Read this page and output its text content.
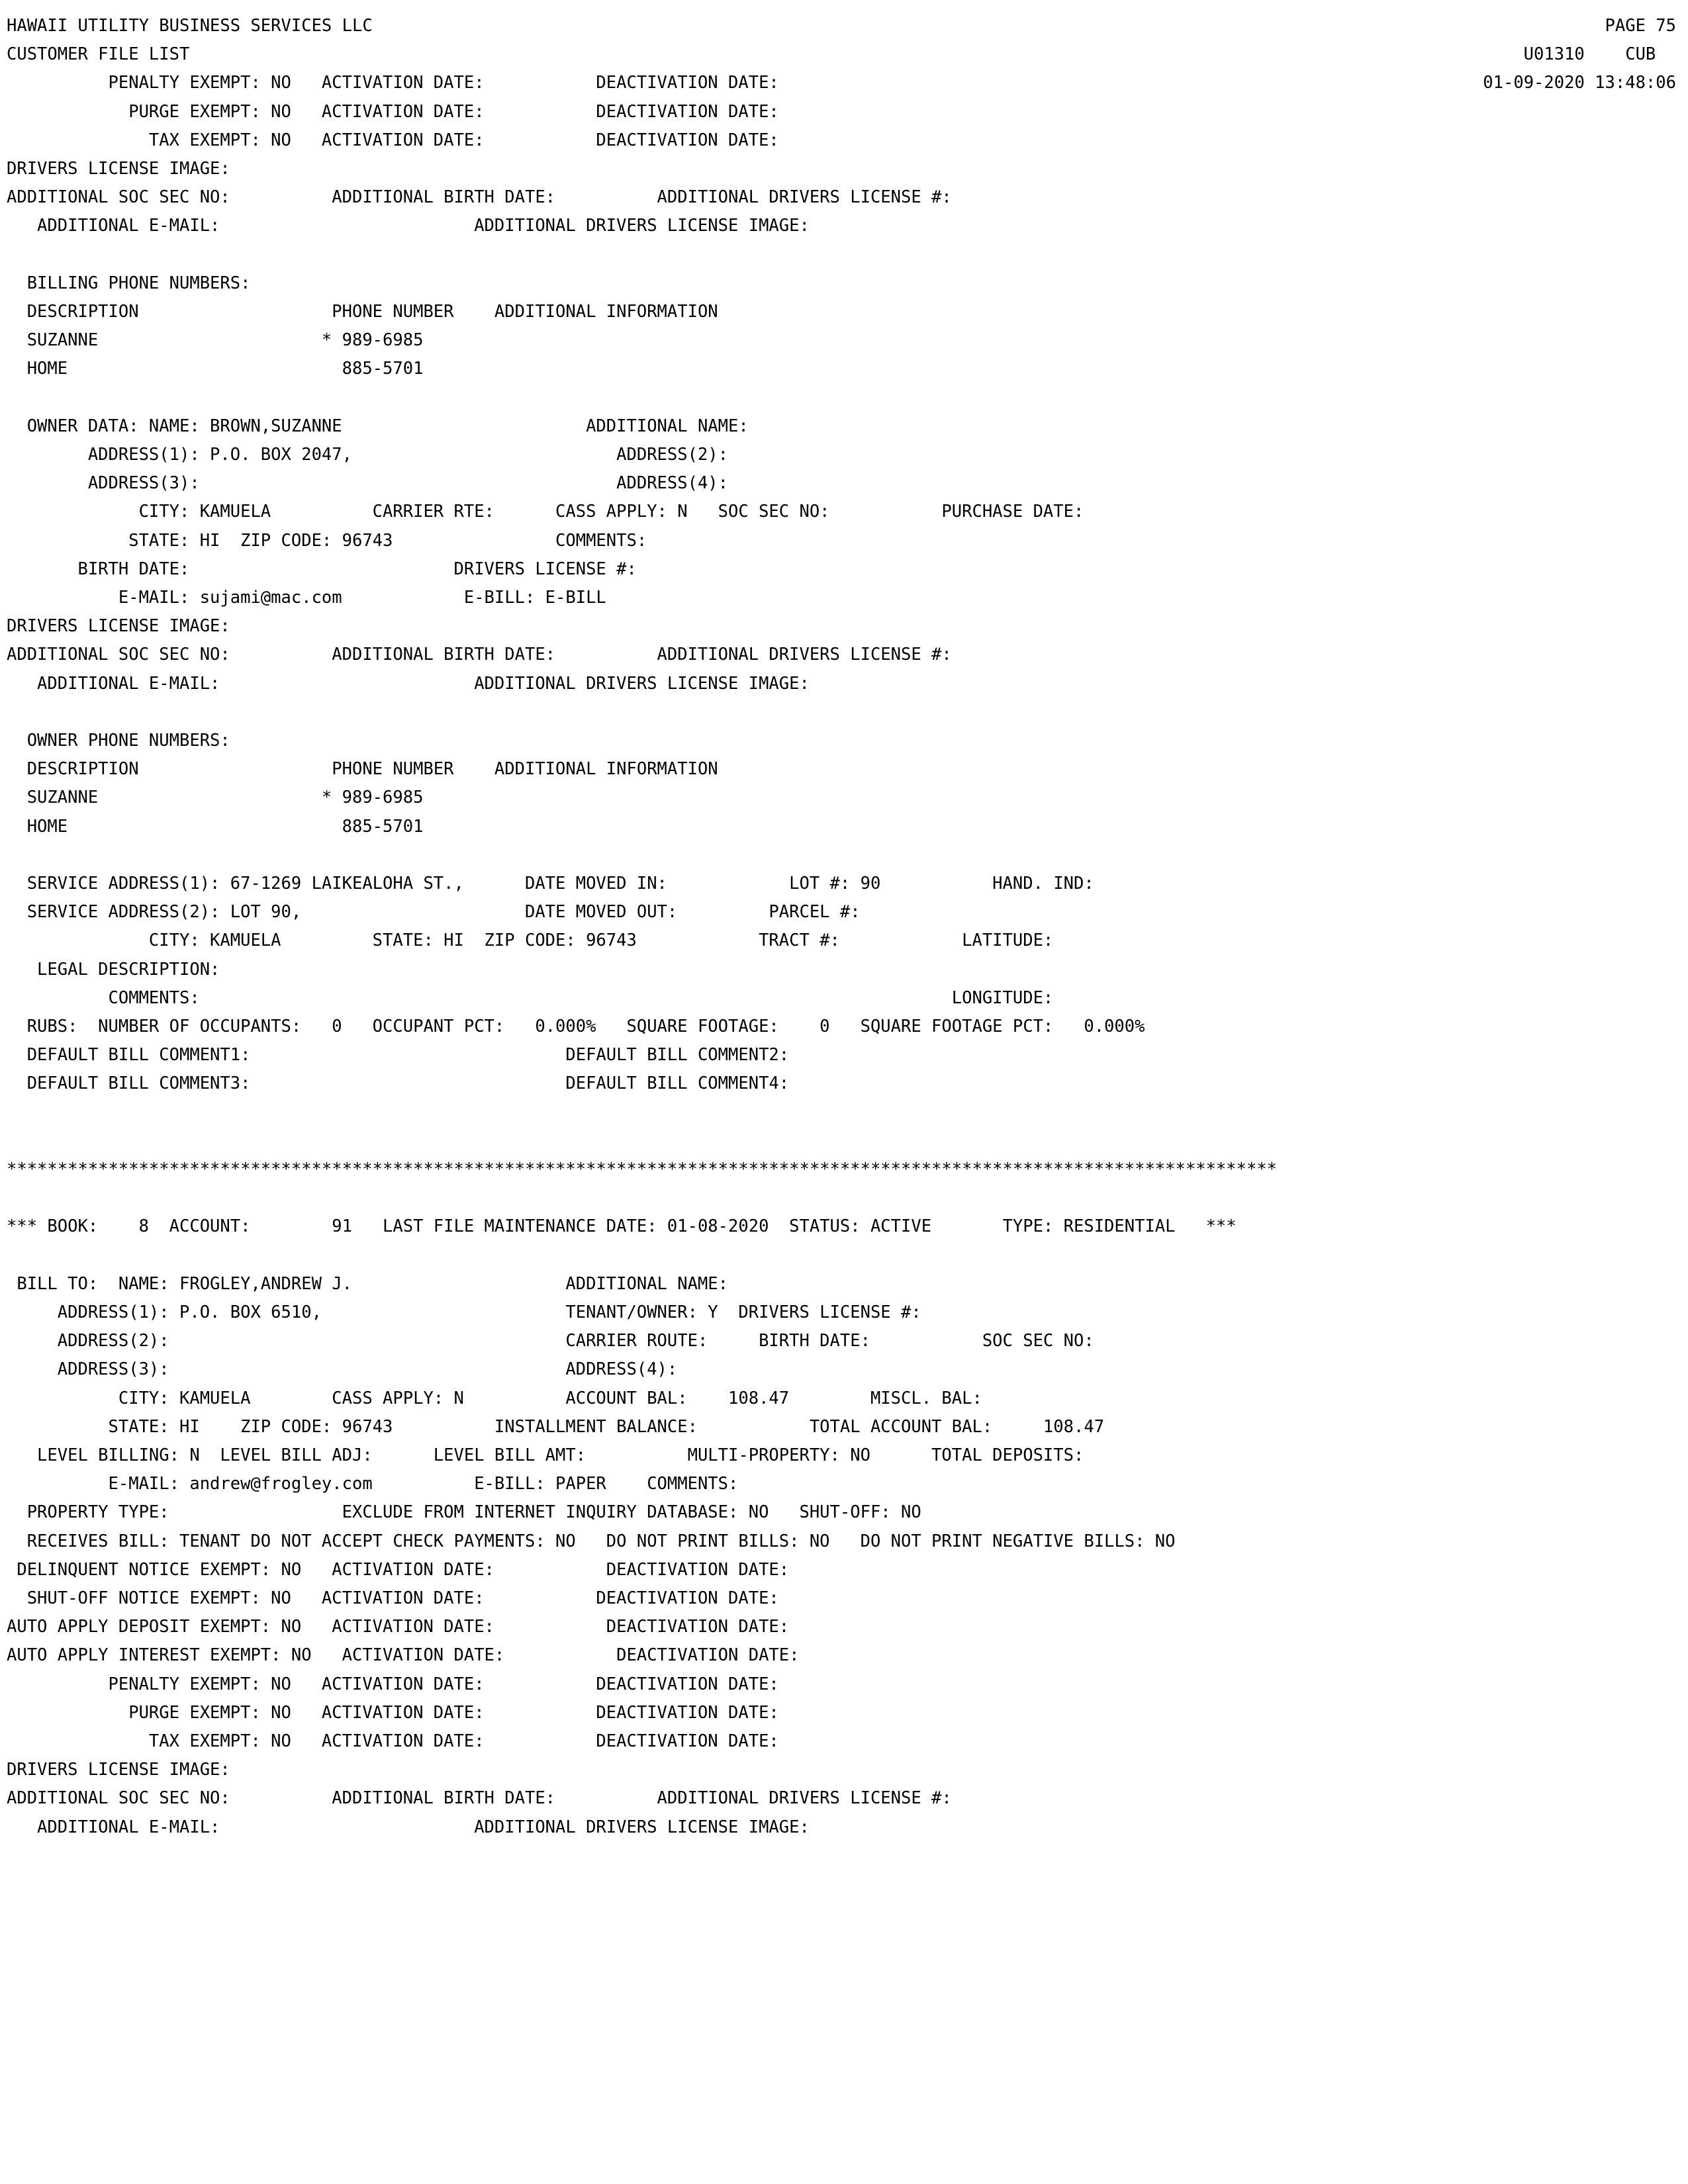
HAWAII UTILITY BUSINESS SERVICES LLC
CUSTOMER FILE LIST
PAGE 75
U01310 CUB
01-09-2020 13:48:06
PENALTY EXEMPT: NO   ACTIVATION DATE:           DEACTIVATION DATE:
PURGE EXEMPT: NO   ACTIVATION DATE:           DEACTIVATION DATE:
TAX EXEMPT: NO   ACTIVATION DATE:           DEACTIVATION DATE:
DRIVERS LICENSE IMAGE:
ADDITIONAL SOC SEC NO:          ADDITIONAL BIRTH DATE:          ADDITIONAL DRIVERS LICENSE #:
ADDITIONAL E-MAIL:                         ADDITIONAL DRIVERS LICENSE IMAGE:

BILLING PHONE NUMBERS:
DESCRIPTION                   PHONE NUMBER    ADDITIONAL INFORMATION
SUZANNE                      * 989-6985
HOME                           885-5701

OWNER DATA: NAME: BROWN,SUZANNE                        ADDITIONAL NAME:
ADDRESS(1): P.O. BOX 2047,                          ADDRESS(2):
ADDRESS(3):                                         ADDRESS(4):
CITY: KAMUELA          CARRIER RTE:      CASS APPLY: N   SOC SEC NO:           PURCHASE DATE:
STATE: HI  ZIP CODE: 96743                COMMENTS:
BIRTH DATE:                          DRIVERS LICENSE #:
E-MAIL: sujami@mac.com            E-BILL: E-BILL
DRIVERS LICENSE IMAGE:
ADDITIONAL SOC SEC NO:          ADDITIONAL BIRTH DATE:          ADDITIONAL DRIVERS LICENSE #:
ADDITIONAL E-MAIL:                         ADDITIONAL DRIVERS LICENSE IMAGE:

OWNER PHONE NUMBERS:
DESCRIPTION                   PHONE NUMBER    ADDITIONAL INFORMATION
SUZANNE                      * 989-6985
HOME                           885-5701

SERVICE ADDRESS(1): 67-1269 LAIKEALOHA ST.,      DATE MOVED IN:            LOT #: 90           HAND. IND:
SERVICE ADDRESS(2): LOT 90,                      DATE MOVED OUT:         PARCEL #:
CITY: KAMUELA         STATE: HI  ZIP CODE: 96743            TRACT #:            LATITUDE:
LEGAL DESCRIPTION:
COMMENTS:                                                                          LONGITUDE:
RUBS:  NUMBER OF OCCUPANTS:   0   OCCUPANT PCT:   0.000%   SQUARE FOOTAGE:    0   SQUARE FOOTAGE PCT:   0.000%
DEFAULT BILL COMMENT1:                               DEFAULT BILL COMMENT2:
DEFAULT BILL COMMENT3:                               DEFAULT BILL COMMENT4:

*****************************************************************************************************************************

*** BOOK:    8  ACCOUNT:        91   LAST FILE MAINTENANCE DATE: 01-08-2020  STATUS: ACTIVE       TYPE: RESIDENTIAL   ***

BILL TO:  NAME: FROGLEY,ANDREW J.                     ADDITIONAL NAME:
ADDRESS(1): P.O. BOX 6510,                        TENANT/OWNER: Y  DRIVERS LICENSE #:
ADDRESS(2):                                       CARRIER ROUTE:     BIRTH DATE:           SOC SEC NO:
ADDRESS(3):                                       ADDRESS(4):
CITY: KAMUELA        CASS APPLY: N          ACCOUNT BAL:    108.47        MISCL. BAL:
STATE: HI    ZIP CODE: 96743          INSTALLMENT BALANCE:           TOTAL ACCOUNT BAL:     108.47
LEVEL BILLING: N  LEVEL BILL ADJ:      LEVEL BILL AMT:          MULTI-PROPERTY: NO      TOTAL DEPOSITS:
E-MAIL: andrew@frogley.com          E-BILL: PAPER    COMMENTS:
PROPERTY TYPE:                 EXCLUDE FROM INTERNET INQUIRY DATABASE: NO   SHUT-OFF: NO
RECEIVES BILL: TENANT DO NOT ACCEPT CHECK PAYMENTS: NO   DO NOT PRINT BILLS: NO   DO NOT PRINT NEGATIVE BILLS: NO
DELINQUENT NOTICE EXEMPT: NO   ACTIVATION DATE:           DEACTIVATION DATE:
SHUT-OFF NOTICE EXEMPT: NO   ACTIVATION DATE:           DEACTIVATION DATE:
AUTO APPLY DEPOSIT EXEMPT: NO   ACTIVATION DATE:           DEACTIVATION DATE:
AUTO APPLY INTEREST EXEMPT: NO   ACTIVATION DATE:           DEACTIVATION DATE:
PENALTY EXEMPT: NO   ACTIVATION DATE:           DEACTIVATION DATE:
PURGE EXEMPT: NO   ACTIVATION DATE:           DEACTIVATION DATE:
TAX EXEMPT: NO   ACTIVATION DATE:           DEACTIVATION DATE:
DRIVERS LICENSE IMAGE:
ADDITIONAL SOC SEC NO:          ADDITIONAL BIRTH DATE:          ADDITIONAL DRIVERS LICENSE #:
ADDITIONAL E-MAIL:                         ADDITIONAL DRIVERS LICENSE IMAGE:
